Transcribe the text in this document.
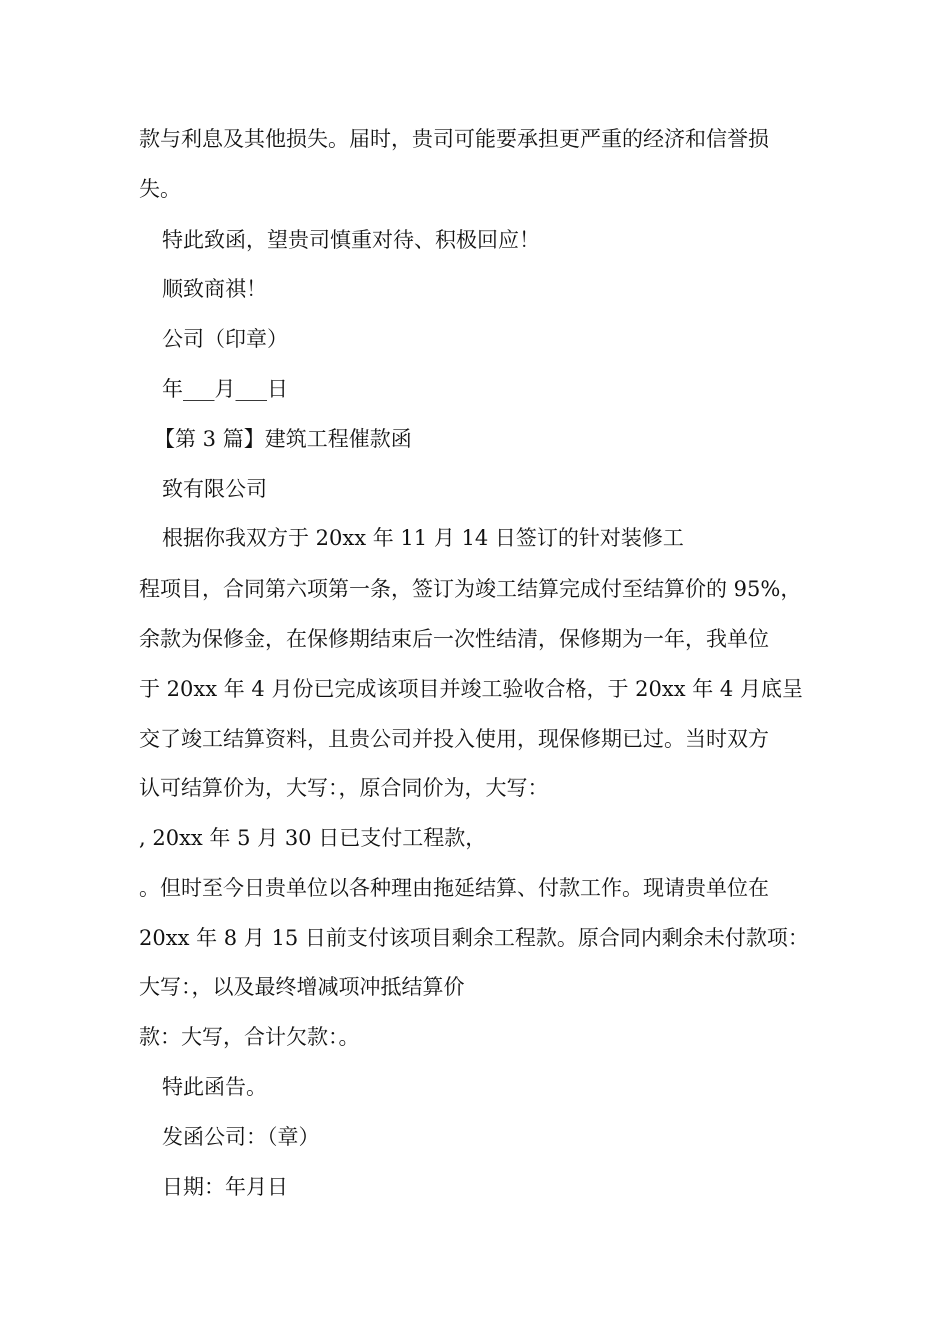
款与利息及其他损失。届时，贵司可能要承担更严重的经济和信誉损
失。
特此致函，望贵司慎重对待、积极回应！
顺致商祺！
公司（印章）
年___月___日
【第 3 篇】建筑工程催款函
致有限公司
根据你我双方于 20xx 年 11 月 14 日签订的针对装修工
程项目，合同第六项第一条，签订为竣工结算完成付至结算价的 95%，
余款为保修金，在保修期结束后一次性结清，保修期为一年，我单位
于 20xx 年 4 月份已完成该项目并竣工验收合格，于 20xx 年 4 月底呈
交了竣工结算资料，且贵公司并投入使用，现保修期已过。当时双方
认可结算价为，大写：，原合同价为，大写：
, 20xx 年 5 月 30 日已支付工程款，
。但时至今日贵单位以各种理由拖延结算、付款工作。现请贵单位在
20xx 年 8 月 15 日前支付该项目剩余工程款。原合同内剩余未付款项：
大写：，以及最终增减项冲抵结算价
款：大写，合计欠款：。
特此函告。
发函公司：（章）
日期：年月日
